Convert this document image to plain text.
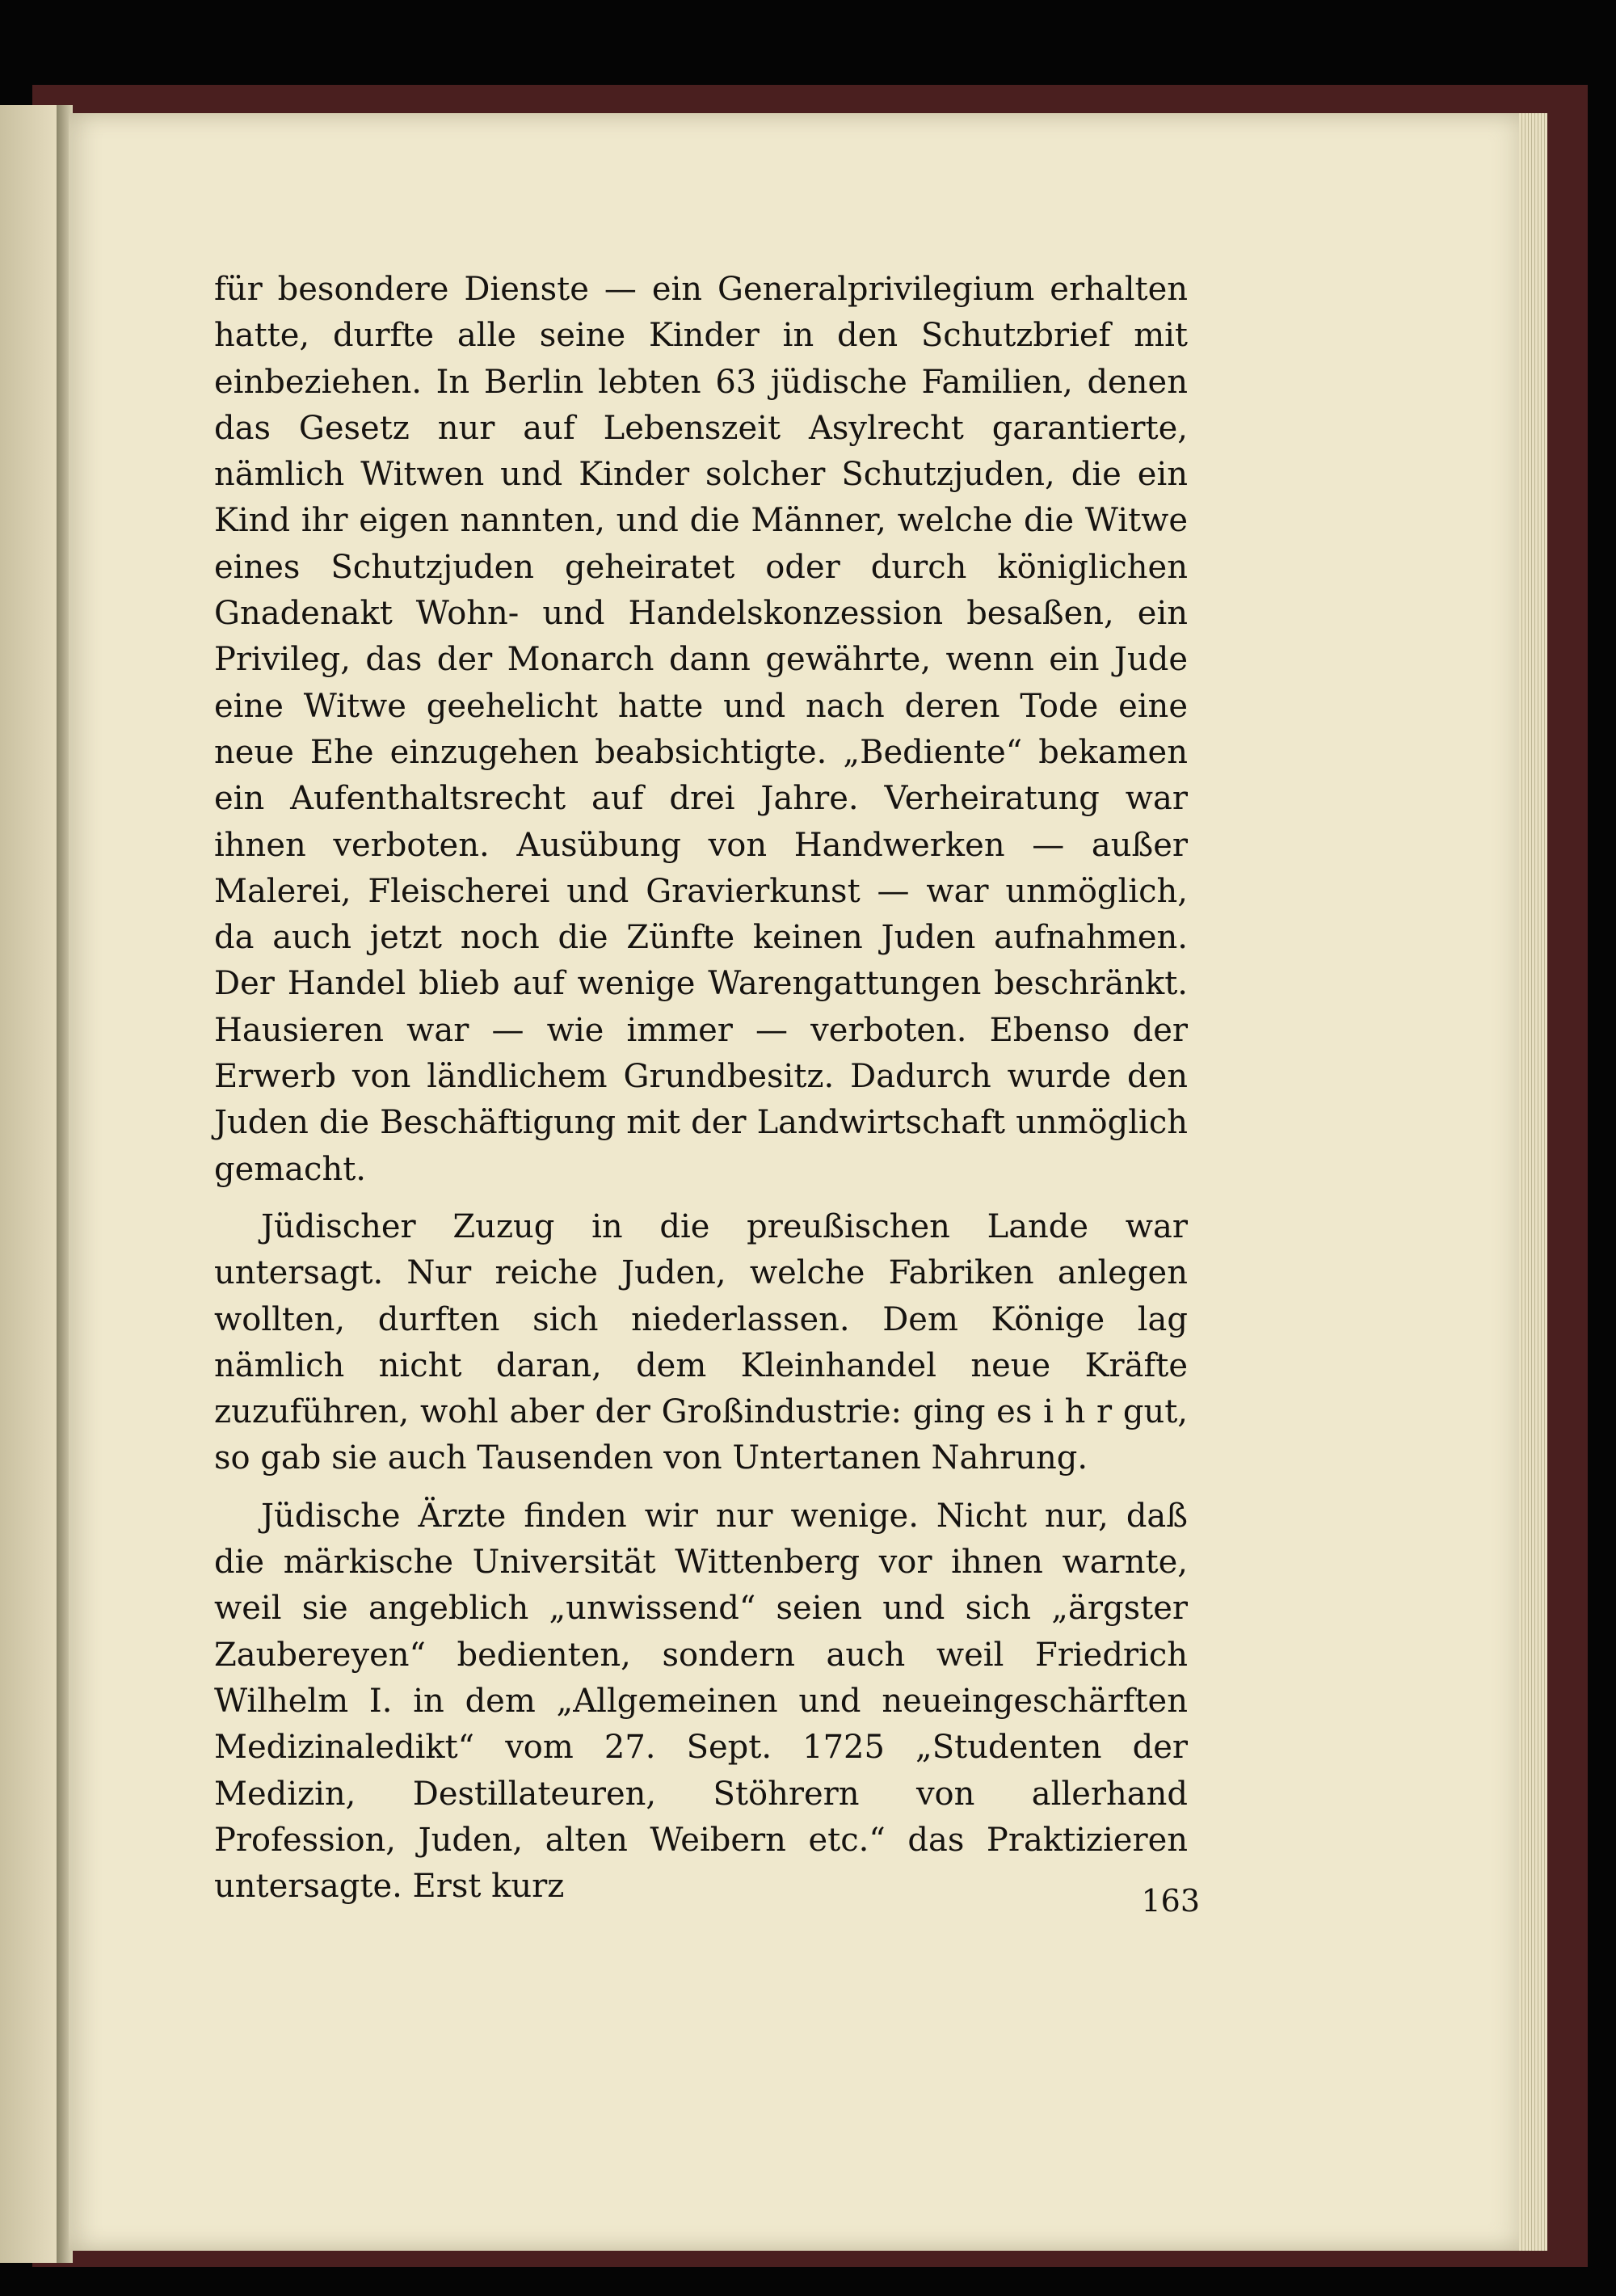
für besondere Dienste — ein Generalprivilegium erhalten hatte, durfte alle seine Kinder in den Schutzbrief mit einbeziehen. In Berlin lebten 63 jüdische Familien, denen das Gesetz nur auf Lebenszeit Asylrecht garantierte, nämlich Witwen und Kinder solcher Schutzjuden, die ein Kind ihr eigen nannten, und die Männer, welche die Witwe eines Schutzjuden geheiratet oder durch königlichen Gnadenakt Wohn- und Handelskonzession besaßen, ein Privileg, das der Monarch dann gewährte, wenn ein Jude eine Witwe geehelicht hatte und nach deren Tode eine neue Ehe einzugehen beabsichtigte. „Bediente“ bekamen ein Aufenthaltsrecht auf drei Jahre. Verheiratung war ihnen verboten. Ausübung von Handwerken — außer Malerei, Fleischerei und Gravierkunst — war unmöglich, da auch jetzt noch die Zünfte keinen Juden aufnahmen. Der Handel blieb auf wenige Warengattungen beschränkt. Hausieren war — wie immer — verboten. Ebenso der Erwerb von ländlichem Grundbesitz. Dadurch wurde den Juden die Beschäftigung mit der Landwirtschaft unmöglich gemacht.

Jüdischer Zuzug in die preußischen Lande war untersagt. Nur reiche Juden, welche Fabriken anlegen wollten, durften sich niederlassen. Dem Könige lag nämlich nicht daran, dem Kleinhandel neue Kräfte zuzuführen, wohl aber der Großindustrie: ging es i h r gut, so gab sie auch Tausenden von Untertanen Nahrung.

Jüdische Ärzte finden wir nur wenige. Nicht nur, daß die märkische Universität Wittenberg vor ihnen warnte, weil sie angeblich „unwissend“ seien und sich „ärgster Zaubereyen“ bedienten, sondern auch weil Friedrich Wilhelm I. in dem „Allgemeinen und neueingeschärften Medizinaledikt“ vom 27. Sept. 1725 „Studenten der Medizin, Destillateuren, Stöhrern von allerhand Profession, Juden, alten Weibern etc.“ das Praktizieren untersagte. Erst kurz	163
